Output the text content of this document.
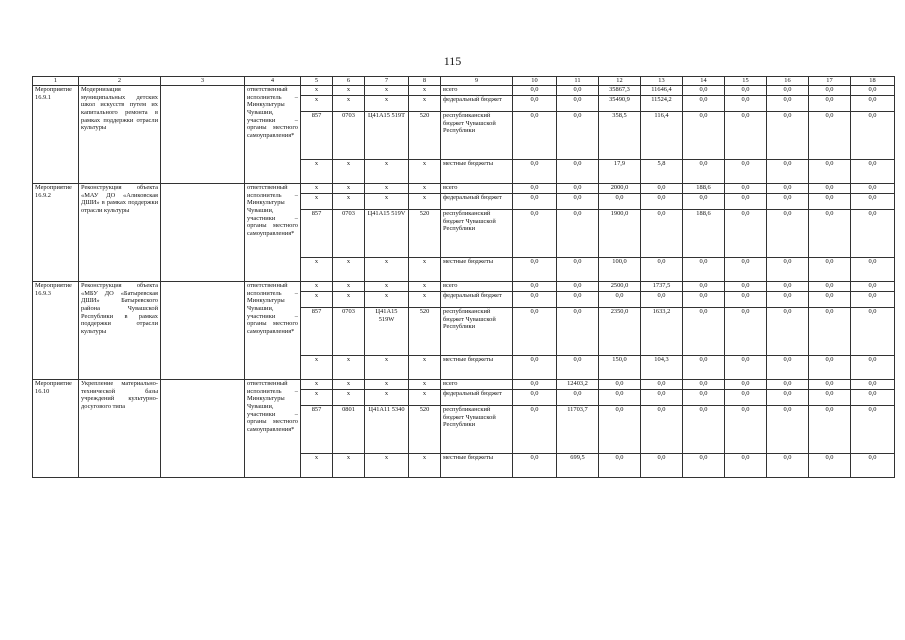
115
1	2	3	4	5	6	7	8	9	10	11	12	13	14	15	16	17	18
Мероприятие 16.9.1	Модернизация муниципальных детских школ искусств путем их капитального ремонта в рамках поддержки отрасли культуры		ответственный исполнитель – Минкультуры Чувашии, участники – органы местного самоуправления*	x	x	x	x	всего	0,0	0,0	35867,3	11646,4	0,0	0,0	0,0	0,0	0,0
				x	x	x	x	федеральный бюджет	0,0	0,0	35490,9	11524,2	0,0	0,0	0,0	0,0	0,0
				857	0703	Ц41А15 519Т	520	республиканский бюджет Чувашской Республики	0,0	0,0	358,5	116,4	0,0	0,0	0,0	0,0	0,0
				x	x	x	x	местные бюджеты	0,0	0,0	17,9	5,8	0,0	0,0	0,0	0,0	0,0
Мероприятие 16.9.2	Реконструкция объекта «МАУ ДО «Аликовская ДШИ» в рамках поддержки отрасли культуры		ответственный исполнитель – Минкультуры Чувашии, участники – органы местного самоуправления*	x	x	x	x	всего	0,0	0,0	2000,0	0,0	188,6	0,0	0,0	0,0	0,0
				x	x	x	x	федеральный бюджет	0,0	0,0	0,0	0,0	0,0	0,0	0,0	0,0	0,0
				857	0703	Ц41А15 519V	520	республиканский бюджет Чувашской Республики	0,0	0,0	1900,0	0,0	188,6	0,0	0,0	0,0	0,0
				x	x	x	x	местные бюджеты	0,0	0,0	100,0	0,0	0,0	0,0	0,0	0,0	0,0
Мероприятие 16.9.3	Реконструкция объекта «МБУ ДО «Батыревская ДШИ» Батыревского района Чувашской Республики в рамках поддержки отрасли культуры		ответственный исполнитель – Минкультуры Чувашии, участники – органы местного самоуправления*	x	x	x	x	всего	0,0	0,0	2500,0	1737,5	0,0	0,0	0,0	0,0	0,0
				x	x	x	x	федеральный бюджет	0,0	0,0	0,0	0,0	0,0	0,0	0,0	0,0	0,0
				857	0703	Ц41А15 519W	520	республиканский бюджет Чувашской Республики	0,0	0,0	2350,0	1633,2	0,0	0,0	0,0	0,0	0,0
				x	x	x	x	местные бюджеты	0,0	0,0	150,0	104,3	0,0	0,0	0,0	0,0	0,0
Мероприятие 16.10	Укрепление материально-технической базы учреждений культурно-досугового типа		ответственный исполнитель – Минкультуры Чувашии, участники – органы местного самоуправления*	x	x	x	x	всего	0,0	12403,2	0,0	0,0	0,0	0,0	0,0	0,0	0,0
				x	x	x	x	федеральный бюджет	0,0	0,0	0,0	0,0	0,0	0,0	0,0	0,0	0,0
				857	0801	Ц41А11 5340	520	республиканский бюджет Чувашской Республики	0,0	11703,7	0,0	0,0	0,0	0,0	0,0	0,0	0,0
				x	x	x	x	местные бюджеты	0,0	699,5	0,0	0,0	0,0	0,0	0,0	0,0	0,0
